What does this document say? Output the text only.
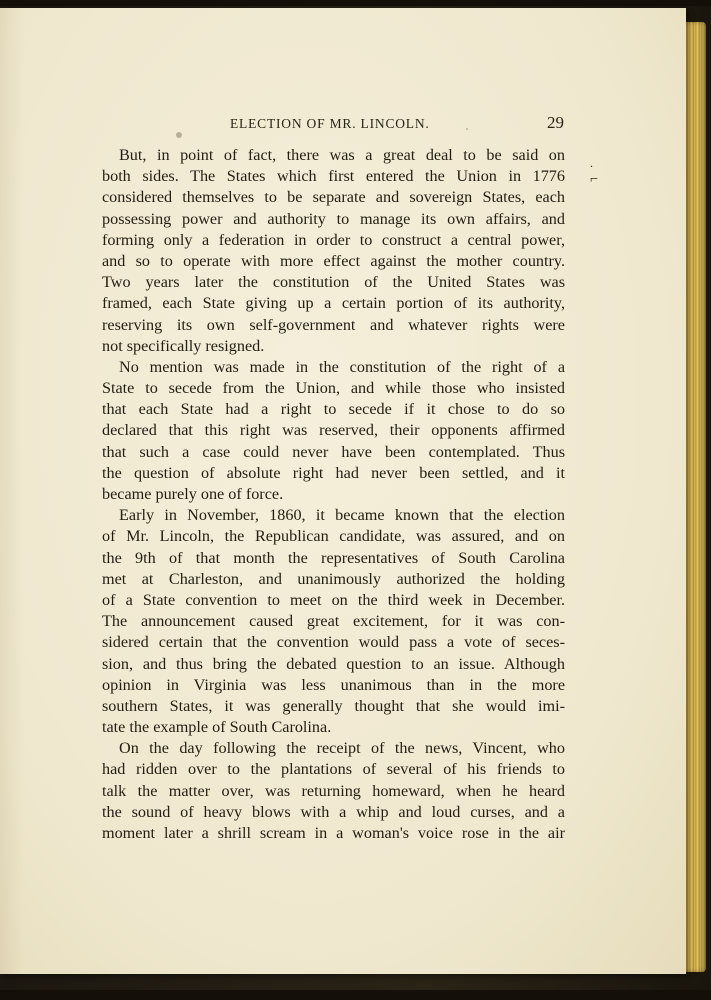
.
⌐
ELECTION OF MR. LINCOLN.	29
But, in point of fact, there was a great deal to be said on
both sides. The States which first entered the Union in 1776
considered themselves to be separate and sovereign States, each
possessing power and authority to manage its own affairs, and
forming only a federation in order to construct a central power,
and so to operate with more effect against the mother country.
Two years later the constitution of the United States was
framed, each State giving up a certain portion of its authority,
reserving its own self-government and whatever rights were
not specifically resigned.
No mention was made in the constitution of the right of a
State to secede from the Union, and while those who insisted
that each State had a right to secede if it chose to do so
declared that this right was reserved, their opponents affirmed
that such a case could never have been contemplated. Thus
the question of absolute right had never been settled, and it
became purely one of force.
Early in November, 1860, it became known that the election
of Mr. Lincoln, the Republican candidate, was assured, and on
the 9th of that month the representatives of South Carolina
met at Charleston, and unanimously authorized the holding
of a State convention to meet on the third week in December.
The announcement caused great excitement, for it was con-
sidered certain that the convention would pass a vote of seces-
sion, and thus bring the debated question to an issue. Although
opinion in Virginia was less unanimous than in the more
southern States, it was generally thought that she would imi-
tate the example of South Carolina.
On the day following the receipt of the news, Vincent, who
had ridden over to the plantations of several of his friends to
talk the matter over, was returning homeward, when he heard
the sound of heavy blows with a whip and loud curses, and a
moment later a shrill scream in a woman's voice rose in the air
